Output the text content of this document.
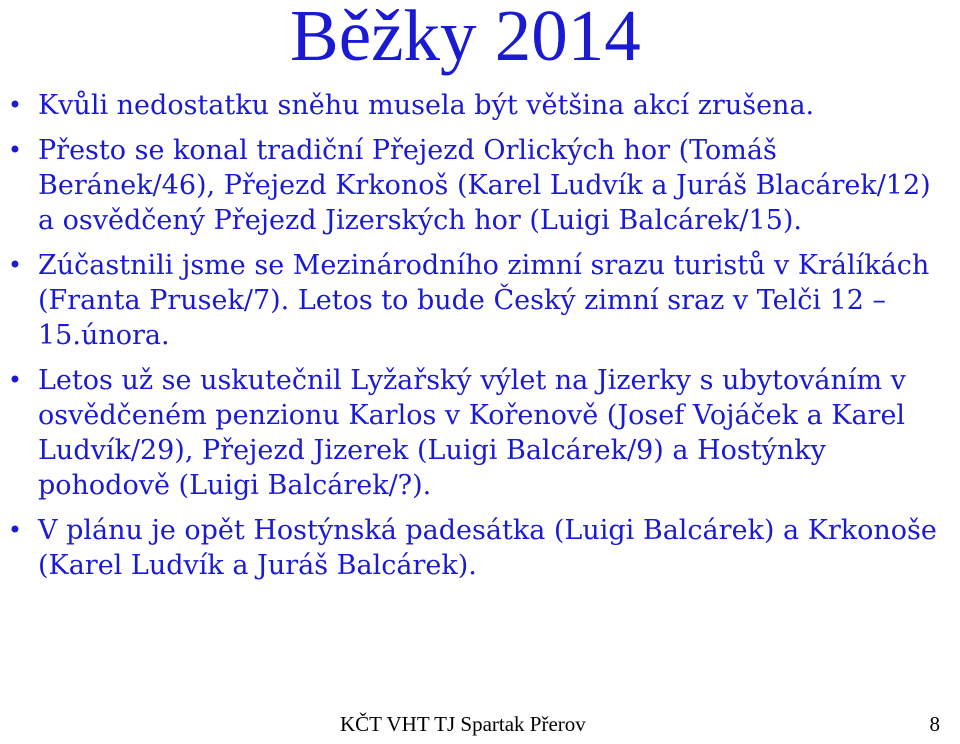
Běžky 2014
• Kvůli nedostatku sněhu musela být většina akcí zrušena.
• Přesto se konal tradiční Přejezd Orlických hor (Tomáš Beránek/46), Přejezd Krkonoš (Karel Ludvík a Juráš Blacárek/12) a osvědčený Přejezd Jizerských hor (Luigi Balcárek/15).
• Zúčastnili jsme se Mezinárodního zimní srazu turistů v Králíkách (Franta Prusek/7). Letos to bude Český zimní sraz v Telči 12 – 15.února.
• Letos už se uskutečnil Lyžařský výlet na Jizerky s ubytováním v osvědčeném penzionu Karlos v Kořenově (Josef Vojáček a Karel Ludvík/29), Přejezd Jizerek (Luigi Balcárek/9) a Hostýnky pohodově (Luigi Balcárek/?).
• V plánu je opět Hostýnská padesátka (Luigi Balcárek) a Krkonoše (Karel Ludvík a Juráš Balcárek).
KČT VHT TJ Spartak Přerov	8
